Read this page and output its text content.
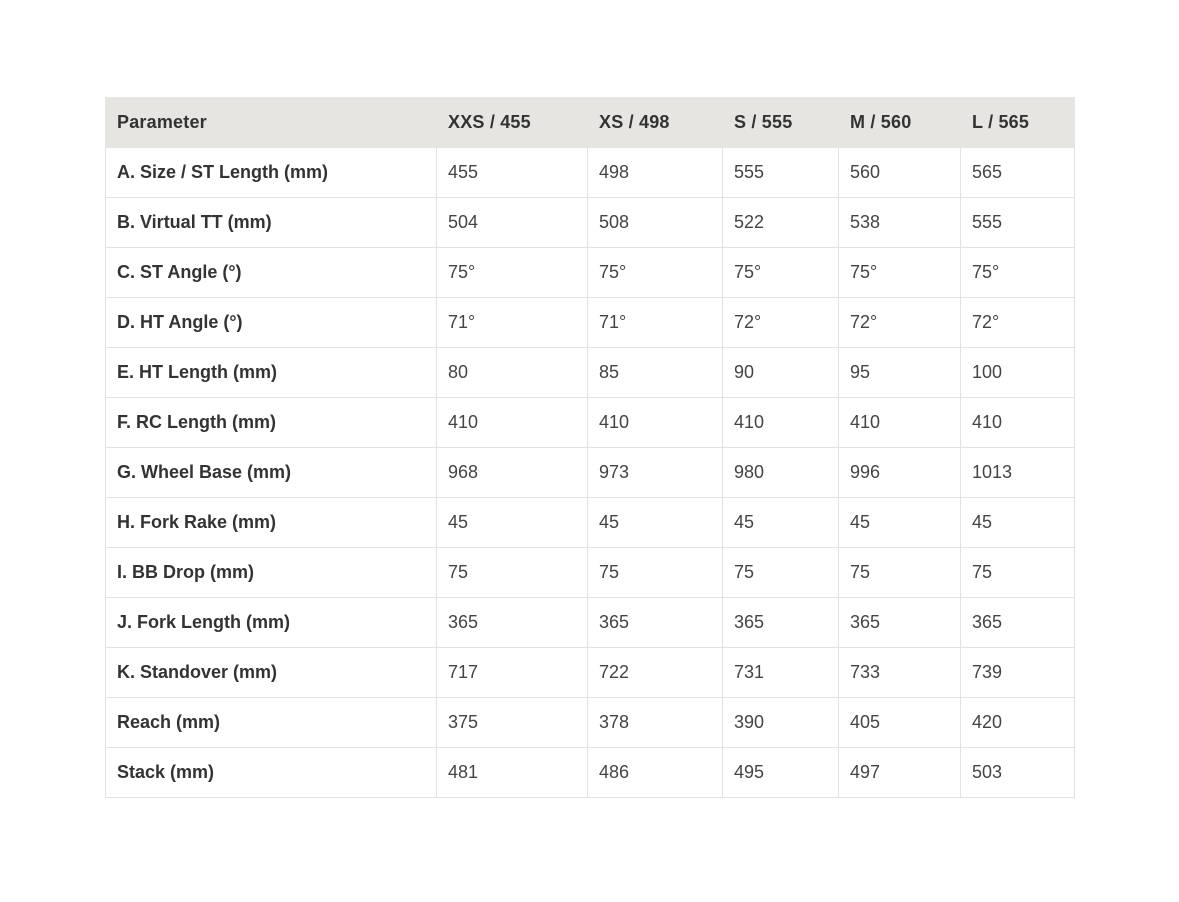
Parameter	XXS / 455	XS / 498	S / 555	M / 560	L / 565
A. Size / ST Length (mm)	455	498	555	560	565
B. Virtual TT (mm)	504	508	522	538	555
C. ST Angle (°)	75°	75°	75°	75°	75°
D. HT Angle (°)	71°	71°	72°	72°	72°
E. HT Length (mm)	80	85	90	95	100
F. RC Length (mm)	410	410	410	410	410
G. Wheel Base (mm)	968	973	980	996	1013
H. Fork Rake (mm)	45	45	45	45	45
I. BB Drop (mm)	75	75	75	75	75
J. Fork Length (mm)	365	365	365	365	365
K. Standover (mm)	717	722	731	733	739
Reach (mm)	375	378	390	405	420
Stack (mm)	481	486	495	497	503
